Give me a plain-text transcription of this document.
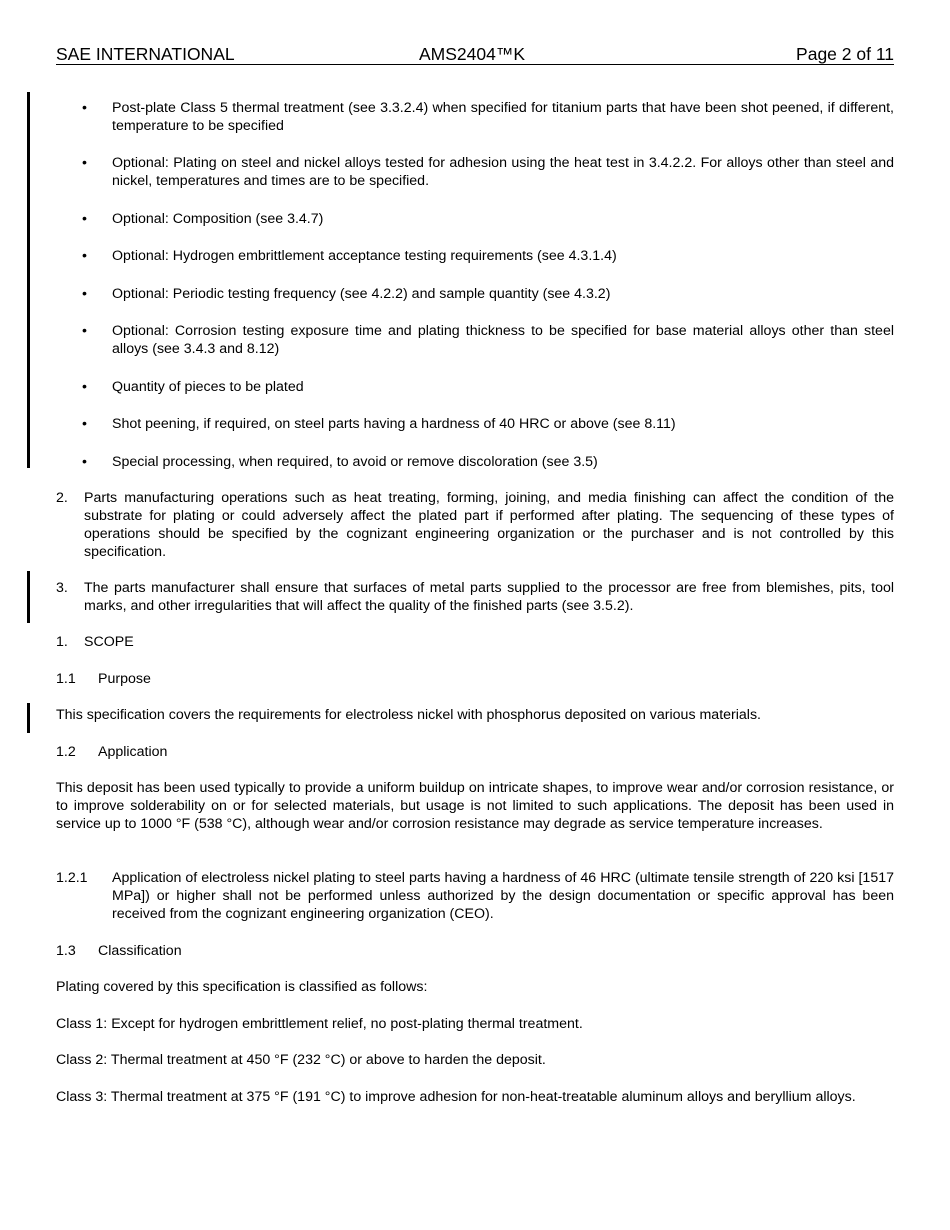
SAE INTERNATIONAL	AMS2404™K	Page 2 of 11
•	Post-plate Class 5 thermal treatment (see 3.3.2.4) when specified for titanium parts that have been shot peened, if different, temperature to be specified
•	Optional: Plating on steel and nickel alloys tested for adhesion using the heat test in 3.4.2.2. For alloys other than steel and nickel, temperatures and times are to be specified.
•	Optional: Composition (see 3.4.7)
•	Optional: Hydrogen embrittlement acceptance testing requirements (see 4.3.1.4)
•	Optional: Periodic testing frequency (see 4.2.2) and sample quantity (see 4.3.2)
•	Optional: Corrosion testing exposure time and plating thickness to be specified for base material alloys other than steel alloys (see 3.4.3 and 8.12)
•	Quantity of pieces to be plated
•	Shot peening, if required, on steel parts having a hardness of 40 HRC or above (see 8.11)
•	Special processing, when required, to avoid or remove discoloration (see 3.5)
2. Parts manufacturing operations such as heat treating, forming, joining, and media finishing can affect the condition of the substrate for plating or could adversely affect the plated part if performed after plating. The sequencing of these types of operations should be specified by the cognizant engineering organization or the purchaser and is not controlled by this specification.
3. The parts manufacturer shall ensure that surfaces of metal parts supplied to the processor are free from blemishes, pits, tool marks, and other irregularities that will affect the quality of the finished parts (see 3.5.2).
1. SCOPE
1.1 Purpose
This specification covers the requirements for electroless nickel with phosphorus deposited on various materials.
1.2 Application
This deposit has been used typically to provide a uniform buildup on intricate shapes, to improve wear and/or corrosion resistance, or to improve solderability on or for selected materials, but usage is not limited to such applications. The deposit has been used in service up to 1000 °F (538 °C), although wear and/or corrosion resistance may degrade as service temperature increases.
1.2.1 Application of electroless nickel plating to steel parts having a hardness of 46 HRC (ultimate tensile strength of 220 ksi [1517 MPa]) or higher shall not be performed unless authorized by the design documentation or specific approval has been received from the cognizant engineering organization (CEO).
1.3 Classification
Plating covered by this specification is classified as follows:
Class 1: Except for hydrogen embrittlement relief, no post-plating thermal treatment.
Class 2: Thermal treatment at 450 °F (232 °C) or above to harden the deposit.
Class 3: Thermal treatment at 375 °F (191 °C) to improve adhesion for non-heat-treatable aluminum alloys and beryllium alloys.
